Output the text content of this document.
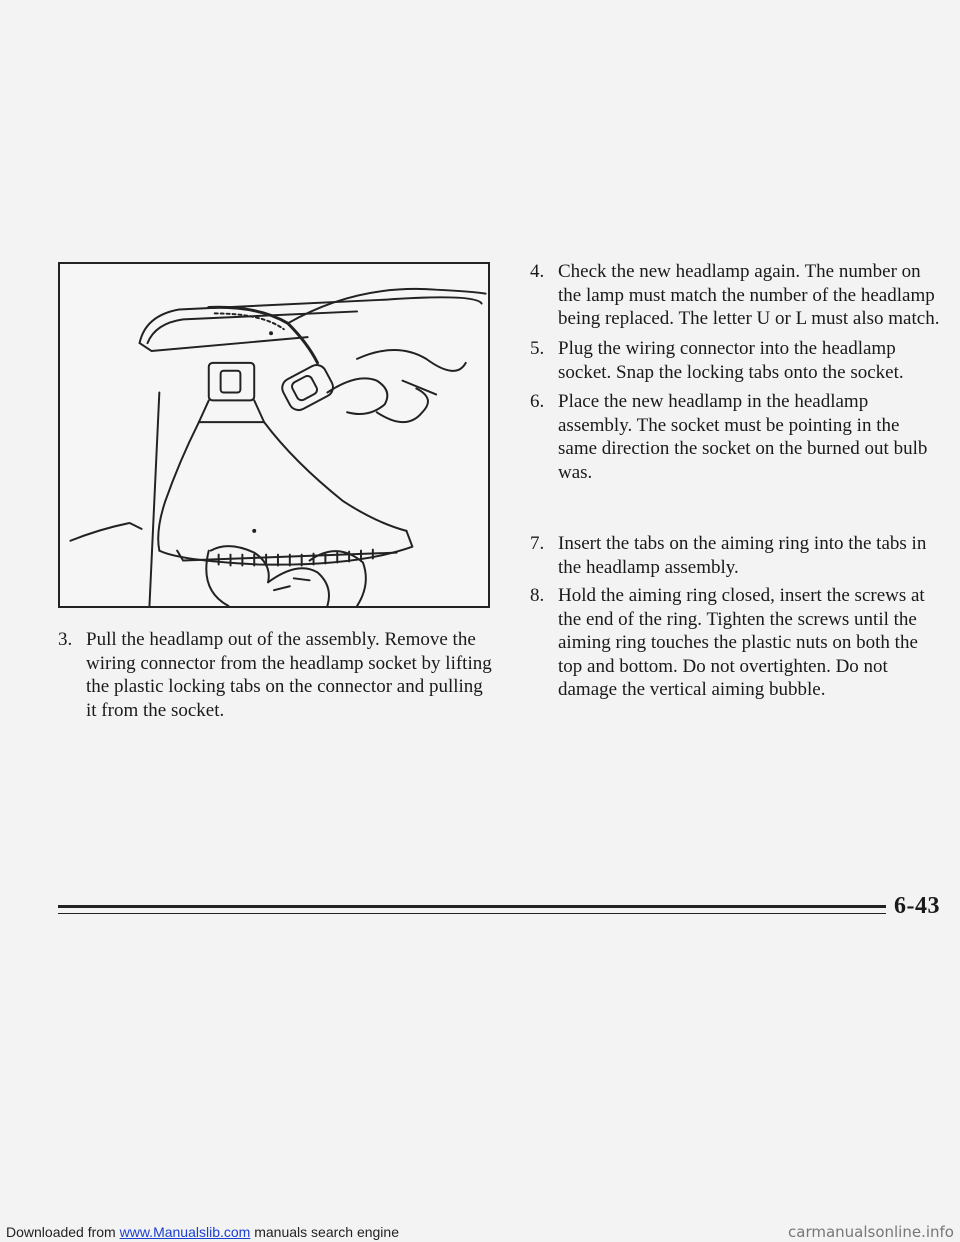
3. Pull the headlamp out of the assembly. Remove the wiring connector from the headlamp socket by lifting the plastic locking tabs on the connector and pulling it from the socket.
4. Check the new headlamp again. The number on the lamp must match the number of the headlamp being replaced. The letter U or L must also match.
5. Plug the wiring connector into the headlamp socket. Snap the locking tabs onto the socket.
6. Place the new headlamp in the headlamp assembly. The socket must be pointing in the same direction the socket on the burned out bulb was.
7. Insert the tabs on the aiming ring into the tabs in the headlamp assembly.
8. Hold the aiming ring closed, insert the screws at the end of the ring. Tighten the screws until the aiming ring touches the plastic nuts on both the top and bottom. Do not overtighten. Do not damage the vertical aiming bubble.
6-43
Downloaded from www.Manualslib.com manuals search engine	carmanualsonline.info
